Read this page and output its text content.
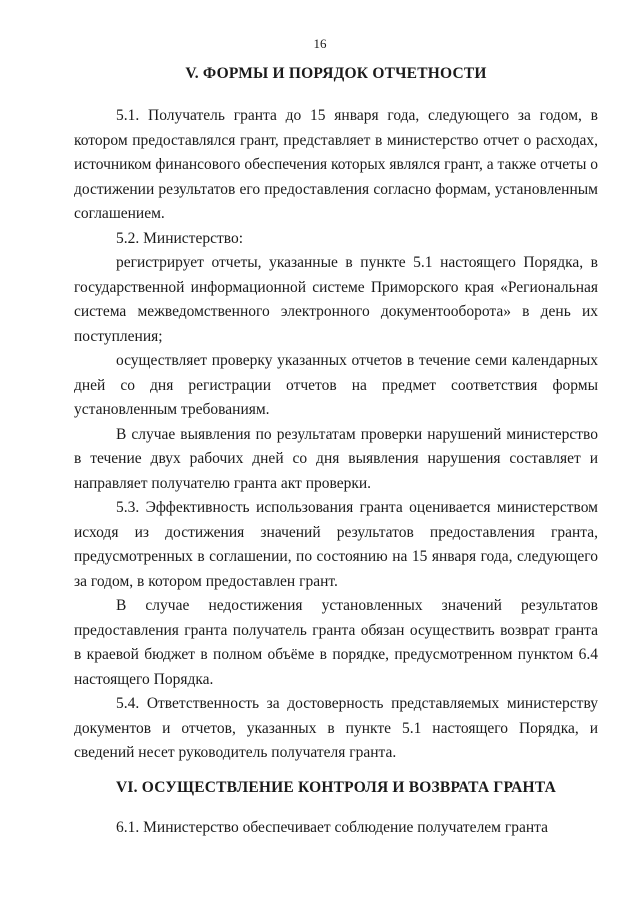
16
V. ФОРМЫ И ПОРЯДОК ОТЧЕТНОСТИ

5.1. Получатель гранта до 15 января года, следующего за годом, в котором предоставлялся грант, представляет в министерство отчет о расходах, источником финансового обеспечения которых являлся грант, а также отчеты о достижении результатов его предоставления согласно формам, установленным соглашением.

5.2. Министерство:

регистрирует отчеты, указанные в пункте 5.1 настоящего Порядка, в государственной информационной системе Приморского края «Региональная система межведомственного электронного документооборота» в день их поступления;

осуществляет проверку указанных отчетов в течение семи календарных дней со дня регистрации отчетов на предмет соответствия формы установленным требованиям.

В случае выявления по результатам проверки нарушений министерство в течение двух рабочих дней со дня выявления нарушения составляет и направляет получателю гранта акт проверки.

5.3. Эффективность использования гранта оценивается министерством исходя из достижения значений результатов предоставления гранта, предусмотренных в соглашении, по состоянию на 15 января года, следующего за годом, в котором предоставлен грант.

В случае недостижения установленных значений результатов предоставления гранта получатель гранта обязан осуществить возврат гранта в краевой бюджет в полном объёме в порядке, предусмотренном пунктом 6.4 настоящего Порядка.

5.4. Ответственность за достоверность представляемых министерству документов и отчетов, указанных в пункте 5.1 настоящего Порядка, и сведений несет руководитель получателя гранта.

VI. ОСУЩЕСТВЛЕНИЕ КОНТРОЛЯ И ВОЗВРАТА ГРАНТА

6.1. Министерство обеспечивает соблюдение получателем гранта
